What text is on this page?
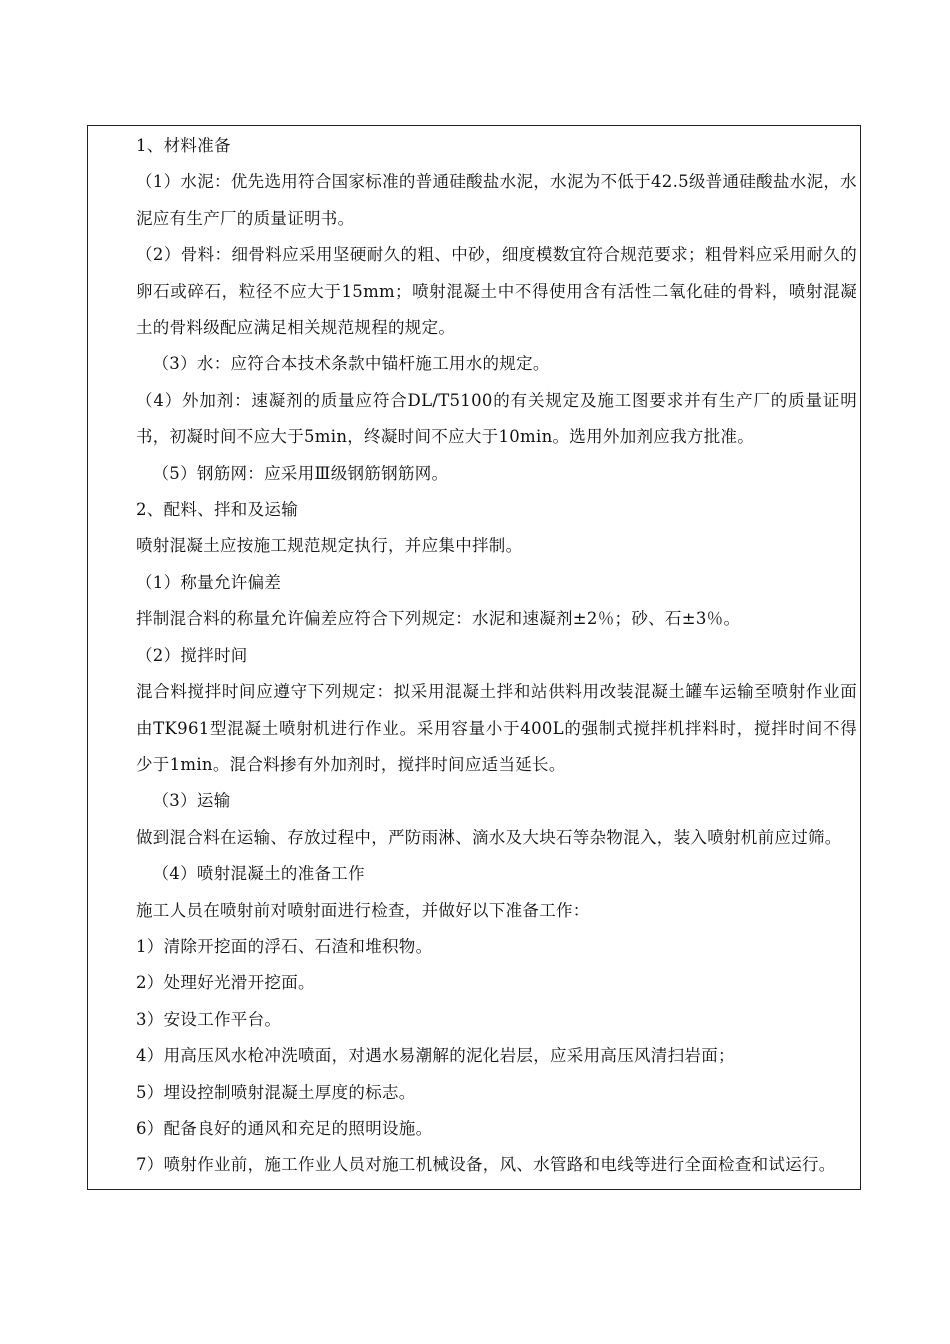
1、材料准备

（1）水泥：优先选用符合国家标准的普通硅酸盐水泥，水泥为不低于42.5级普通硅酸盐水泥，水泥应有生产厂的质量证明书。

（2）骨料：细骨料应采用坚硬耐久的粗、中砂，细度模数宜符合规范要求；粗骨料应采用耐久的卵石或碎石，粒径不应大于15mm；喷射混凝土中不得使用含有活性二氧化硅的骨料，喷射混凝土的骨料级配应满足相关规范规程的规定。

（3）水：应符合本技术条款中锚杆施工用水的规定。

（4）外加剂：速凝剂的质量应符合DL/T5100的有关规定及施工图要求并有生产厂的质量证明书，初凝时间不应大于5min，终凝时间不应大于10min。选用外加剂应我方批准。

（5）钢筋网：应采用Ⅲ级钢筋钢筋网。

2、配料、拌和及运输

喷射混凝土应按施工规范规定执行，并应集中拌制。

（1）称量允许偏差

拌制混合料的称量允许偏差应符合下列规定：水泥和速凝剂±2％；砂、石±3％。

（2）搅拌时间

混合料搅拌时间应遵守下列规定：拟采用混凝土拌和站供料用改装混凝土罐车运输至喷射作业面由TK961型混凝土喷射机进行作业。采用容量小于400L的强制式搅拌机拌料时，搅拌时间不得少于1min。混合料掺有外加剂时，搅拌时间应适当延长。

（3）运输

做到混合料在运输、存放过程中，严防雨淋、滴水及大块石等杂物混入，装入喷射机前应过筛。

（4）喷射混凝土的准备工作

施工人员在喷射前对喷射面进行检查，并做好以下准备工作：

1）清除开挖面的浮石、石渣和堆积物。

2）处理好光滑开挖面。

3）安设工作平台。

4）用高压风水枪冲洗喷面，对遇水易潮解的泥化岩层，应采用高压风清扫岩面；

5）埋设控制喷射混凝土厚度的标志。

6）配备良好的通风和充足的照明设施。

7）喷射作业前，施工作业人员对施工机械设备，风、水管路和电线等进行全面检查和试运行。
